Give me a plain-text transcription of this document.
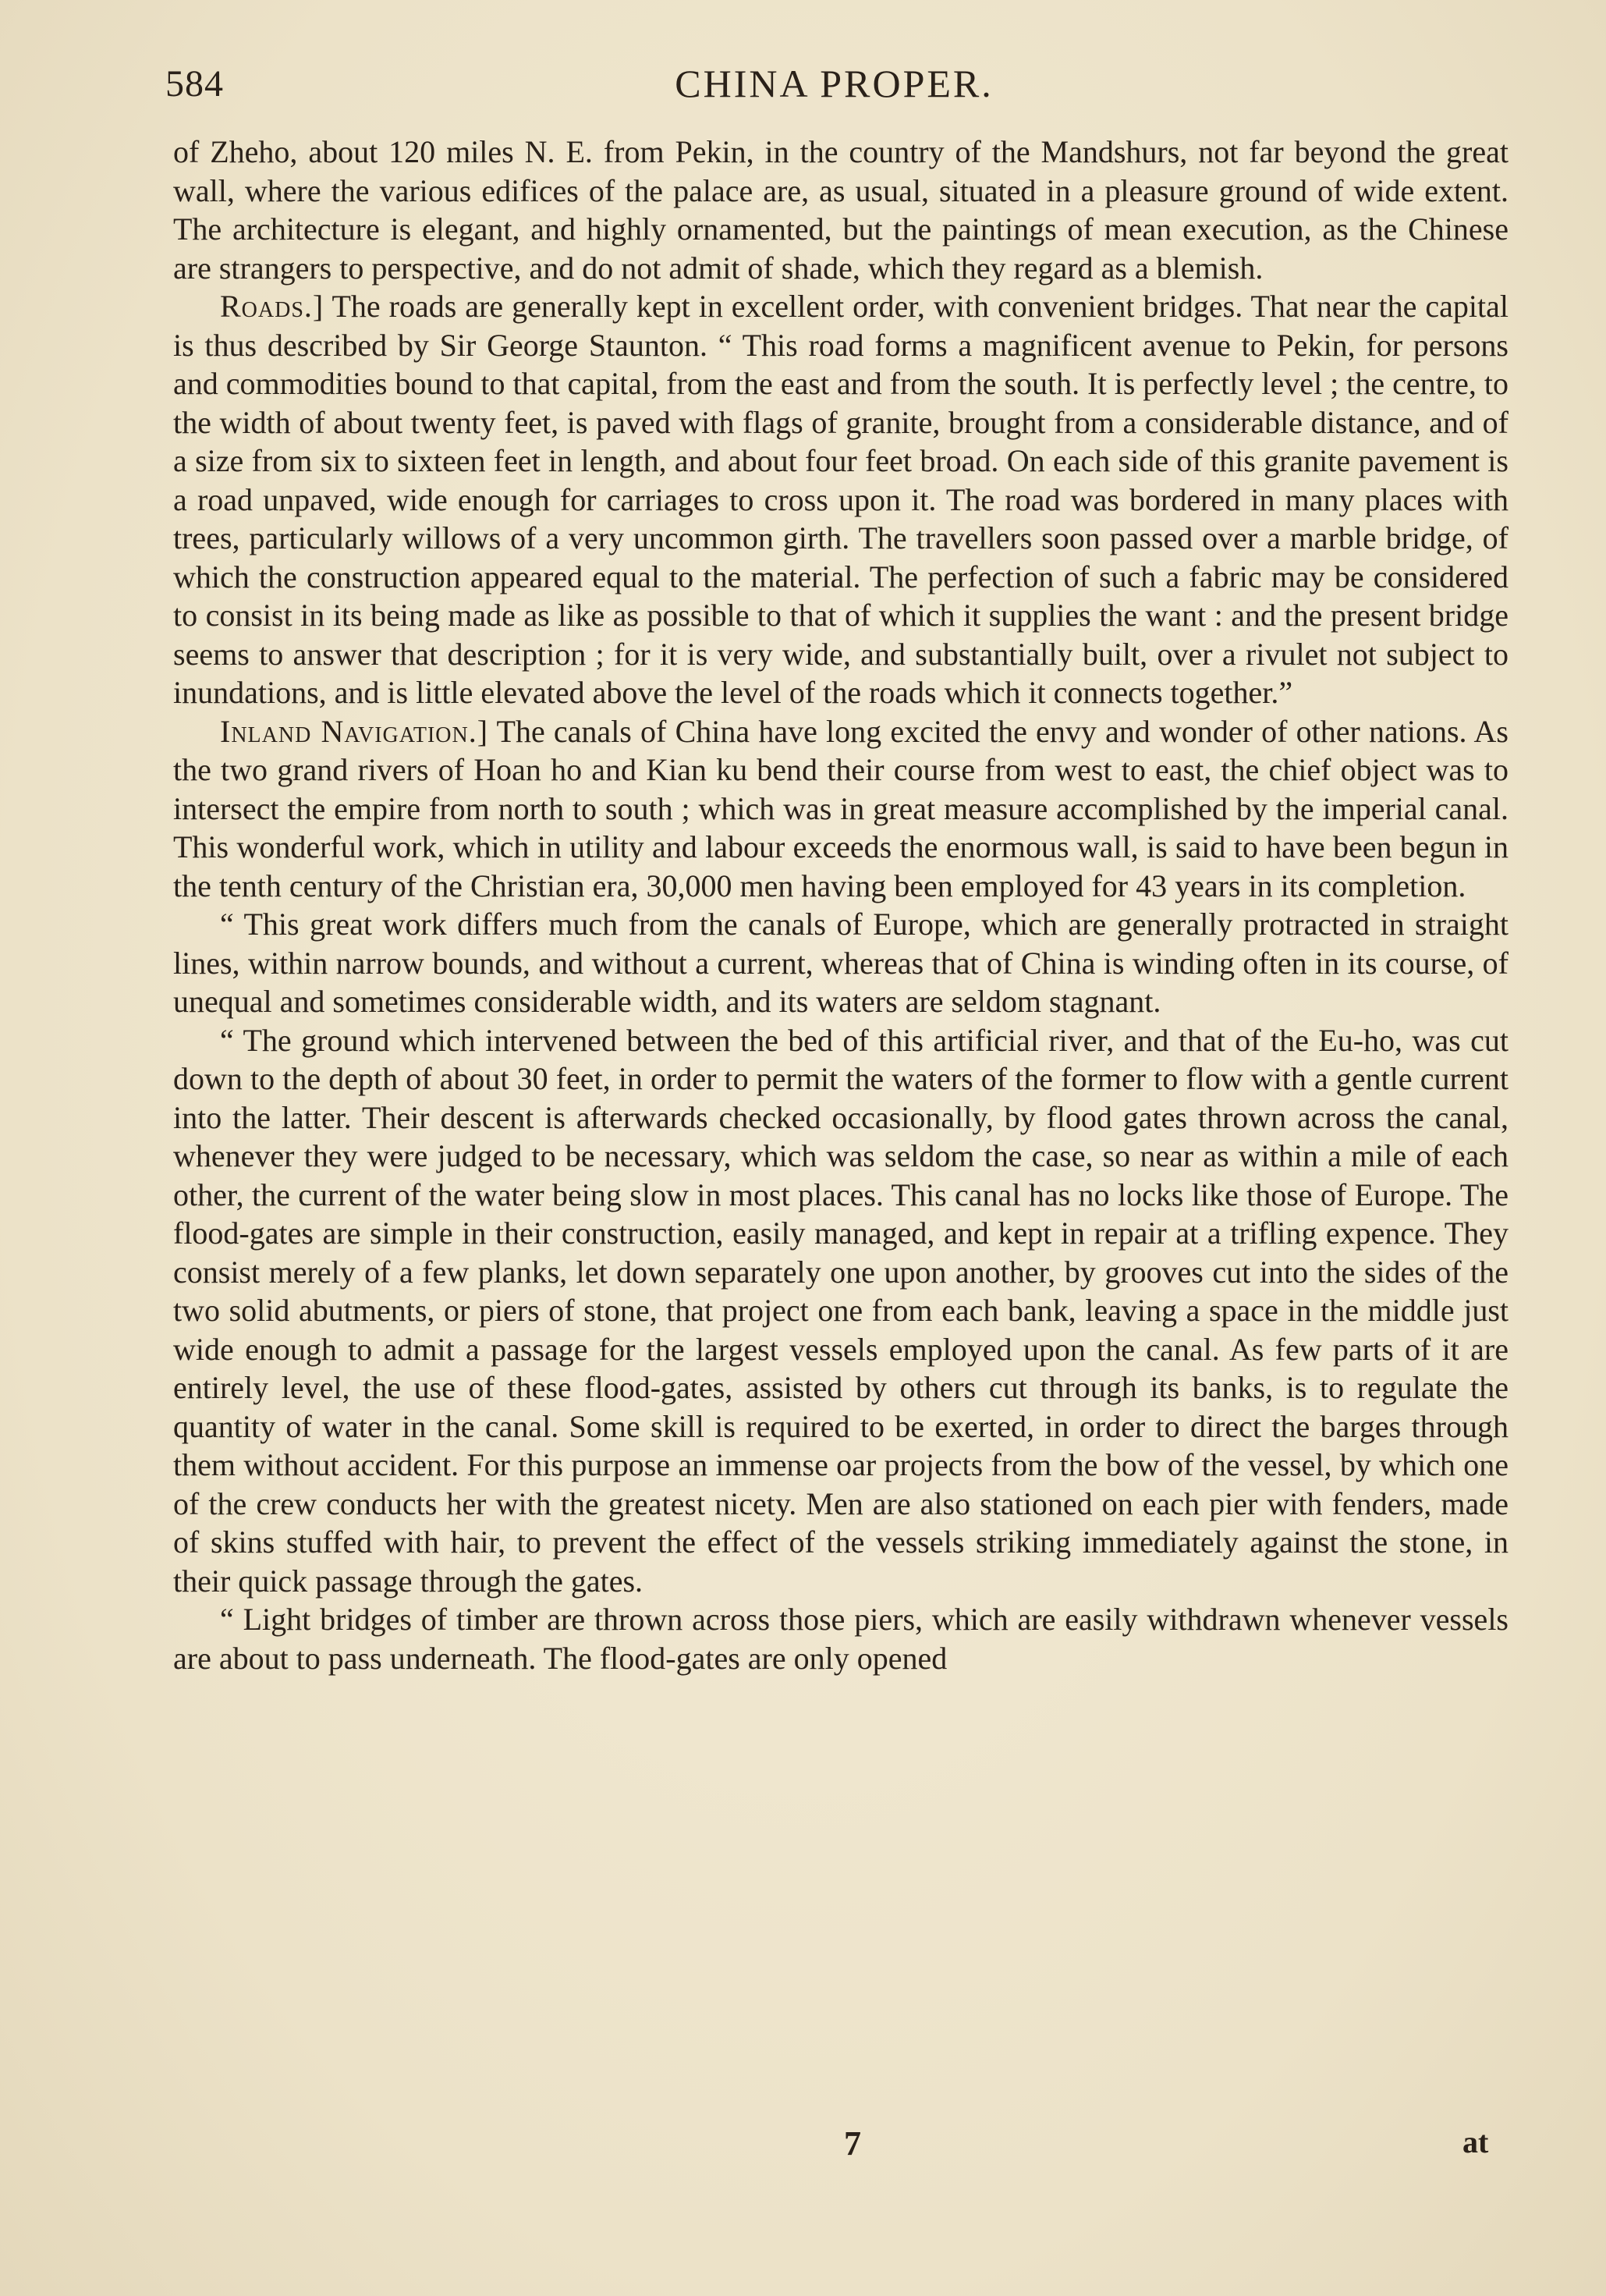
584	CHINA PROPER.

of Zheho, about 120 miles N. E. from Pekin, in the country of the Mandshurs, not far beyond the great wall, where the various edifices of the palace are, as usual, situated in a pleasure ground of wide extent. The architecture is elegant, and highly ornamented, but the paintings of mean execution, as the Chinese are strangers to perspective, and do not admit of shade, which they regard as a blemish.

Roads.] The roads are generally kept in excellent order, with convenient bridges. That near the capital is thus described by Sir George Staunton. “ This road forms a magnificent avenue to Pekin, for persons and commodities bound to that capital, from the east and from the south. It is perfectly level ; the centre, to the width of about twenty feet, is paved with flags of granite, brought from a considerable distance, and of a size from six to sixteen feet in length, and about four feet broad. On each side of this granite pavement is a road unpaved, wide enough for carriages to cross upon it. The road was bordered in many places with trees, particularly willows of a very uncommon girth. The travellers soon passed over a marble bridge, of which the construction appeared equal to the material. The perfection of such a fabric may be considered to consist in its being made as like as possible to that of which it supplies the want : and the present bridge seems to answer that description ; for it is very wide, and substantially built, over a rivulet not subject to inundations, and is little elevated above the level of the roads which it connects together.”

Inland Navigation.] The canals of China have long excited the envy and wonder of other nations. As the two grand rivers of Hoan ho and Kian ku bend their course from west to east, the chief object was to intersect the empire from north to south ; which was in great measure accomplished by the imperial canal. This wonderful work, which in utility and labour exceeds the enormous wall, is said to have been begun in the tenth century of the Christian era, 30,000 men having been employed for 43 years in its completion.

“ This great work differs much from the canals of Europe, which are generally protracted in straight lines, within narrow bounds, and without a current, whereas that of China is winding often in its course, of unequal and sometimes considerable width, and its waters are seldom stagnant.

“ The ground which intervened between the bed of this artificial river, and that of the Eu-ho, was cut down to the depth of about 30 feet, in order to permit the waters of the former to flow with a gentle current into the latter. Their descent is afterwards checked occasionally, by flood gates thrown across the canal, whenever they were judged to be necessary, which was seldom the case, so near as within a mile of each other, the current of the water being slow in most places. This canal has no locks like those of Europe. The flood-gates are simple in their construction, easily managed, and kept in repair at a trifling expence. They consist merely of a few planks, let down separately one upon another, by grooves cut into the sides of the two solid abutments, or piers of stone, that project one from each bank, leaving a space in the middle just wide enough to admit a passage for the largest vessels employed upon the canal. As few parts of it are entirely level, the use of these flood-gates, assisted by others cut through its banks, is to regulate the quantity of water in the canal. Some skill is required to be exerted, in order to direct the barges through them without accident. For this purpose an immense oar projects from the bow of the vessel, by which one of the crew conducts her with the greatest nicety. Men are also stationed on each pier with fenders, made of skins stuffed with hair, to prevent the effect of the vessels striking immediately against the stone, in their quick passage through the gates.

“ Light bridges of timber are thrown across those piers, which are easily withdrawn whenever vessels are about to pass underneath. The flood-gates are only opened

7	at
